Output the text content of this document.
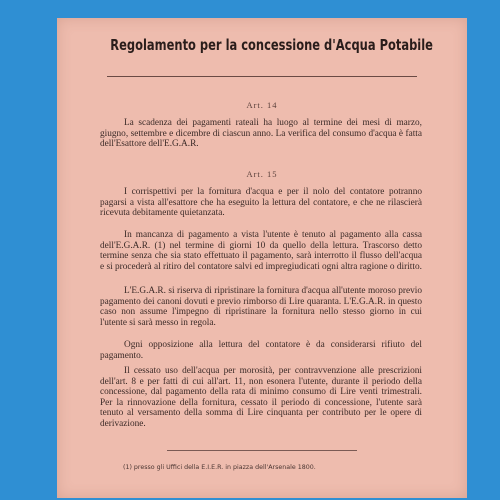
Regolamento per la concessione d'Acqua Potabile
Art. 14
La scadenza dei pagamenti rateali ha luogo al termine dei mesi di marzo, giugno, settembre e dicembre di ciascun anno. La verifica del consumo d'acqua è fatta dell'Esattore dell'E.G.A.R.
Art. 15
I corrispettivi per la fornitura d'acqua e per il nolo del contatore potranno pagarsi a vista all'esattore che ha eseguito la lettura del contatore, e che ne rilascierà ricevuta debitamente quietanzata.
In mancanza di pagamento a vista l'utente è tenuto al pagamento alla cassa dell'E.G.A.R. (1) nel termine di giorni 10 da quello della lettura. Trascorso detto termine senza che sia stato effettuato il pagamento, sarà interrotto il flusso dell'acqua e si procederà al ritiro del contatore salvi ed impregiudicati ogni altra ragione o diritto.
L'E.G.A.R. si riserva di ripristinare la fornitura d'acqua all'utente moroso previo pagamento dei canoni dovuti e previo rimborso di Lire quaranta. L'E.G.A.R. in questo caso non assume l'impegno di ripristinare la fornitura nello stesso giorno in cui l'utente si sarà messo in regola.
Ogni opposizione alla lettura del contatore è da considerarsi rifiuto del pagamento.
Il cessato uso dell'acqua per morosità, per contravvenzione alle prescrizioni dell'art. 8 e per fatti di cui all'art. 11, non esonera l'utente, durante il periodo della concessione, dal pagamento della rata di minimo consumo di Lire venti trimestrali. Per la rinnovazione della fornitura, cessato il periodo di concessione, l'utente sarà tenuto al versamento della somma di Lire cinquanta per contributo per le opere di derivazione.
(1) presso gli Uffici della E.I.E.R. in piazza dell'Arsenale 1800.
